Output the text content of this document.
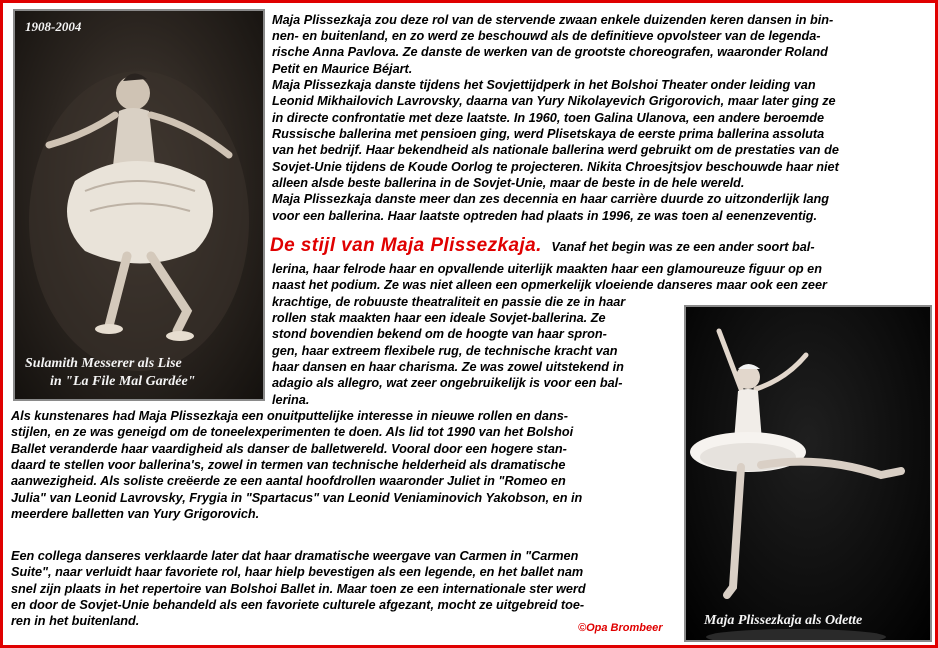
1908-2004
Sulamith Messerer als Lise
in "La File Mal Gardée"
Maja Plissezkaja als Odette

Maja Plissezkaja zou deze rol van de stervende zwaan enkele duizenden keren dansen in bin-

nen- en buitenland, en zo werd ze beschouwd als de definitieve opvolsteer van de legenda-

rische Anna Pavlova. Ze danste de werken van de grootste choreografen, waaronder Roland

Petit en Maurice Béjart.

Maja Plissezkaja danste tijdens het Sovjettijdperk in het Bolshoi Theater onder leiding van

Leonid Mikhailovich Lavrovsky, daarna van Yury Nikolayevich Grigorovich, maar later ging ze

in directe confrontatie met deze laatste. In 1960, toen Galina Ulanova, een andere beroemde

Russische ballerina met pensioen ging, werd Plisetskaya de eerste prima ballerina assoluta

van het bedrijf. Haar bekendheid als nationale ballerina werd gebruikt om de prestaties van de

Sovjet-Unie tijdens de Koude Oorlog te projecteren. Nikita Chroesjtsjov beschouwde haar niet

alleen alsde beste ballerina in de Sovjet-Unie, maar de beste in de hele wereld.

Maja Plissezkaja danste meer dan zes decennia en haar carrière duurde zo uitzonderlijk lang

voor een ballerina. Haar laatste optreden had plaats in 1996, ze was toen al eenenzeventig.

De stijl van Maja Plissezkaja. Vanaf het begin was ze een ander soort bal-

lerina, haar felrode haar en opvallende uiterlijk maakten haar een glamoureuze figuur op en

naast het podium. Ze was niet alleen een opmerkelijk vloeiende danseres maar ook een zeer

krachtige, de robuuste theatraliteit en passie die ze in haar

rollen stak maakten haar een ideale Sovjet-ballerina. Ze

stond bovendien bekend om de hoogte van haar spron-

gen, haar extreem flexibele rug, de technische kracht van

haar dansen en haar charisma. Ze was zowel uitstekend in

adagio als allegro, wat zeer ongebruikelijk is voor een bal-

lerina.

Als kunstenares had Maja Plissezkaja een onuitputtelijke interesse in nieuwe rollen en dans-

stijlen, en ze was geneigd om de toneelexperimenten te doen. Als lid tot 1990 van het Bolshoi

Ballet veranderde haar vaardigheid als danser de balletwereld. Vooral door een hogere stan-

daard te stellen voor ballerina's, zowel in termen van technische helderheid als dramatische

aanwezigheid. Als soliste creëerde ze een aantal hoofdrollen waaronder Juliet in "Romeo en

Julia" van Leonid Lavrovsky, Frygia in "Spartacus" van Leonid Veniaminovich Yakobson, en in

meerdere balletten van Yury Grigorovich.

Een collega danseres verklaarde later dat haar dramatische weergave van Carmen in "Carmen

Suite", naar verluidt haar favoriete rol, haar hielp bevestigen als een legende, en het ballet nam

snel zijn plaats in het repertoire van Bolshoi Ballet in. Maar toen ze een internationale ster werd

en door de Sovjet-Unie behandeld als een favoriete culturele afgezant, mocht ze uitgebreid toe-

ren in het buitenland.	©Opa Brombeer
